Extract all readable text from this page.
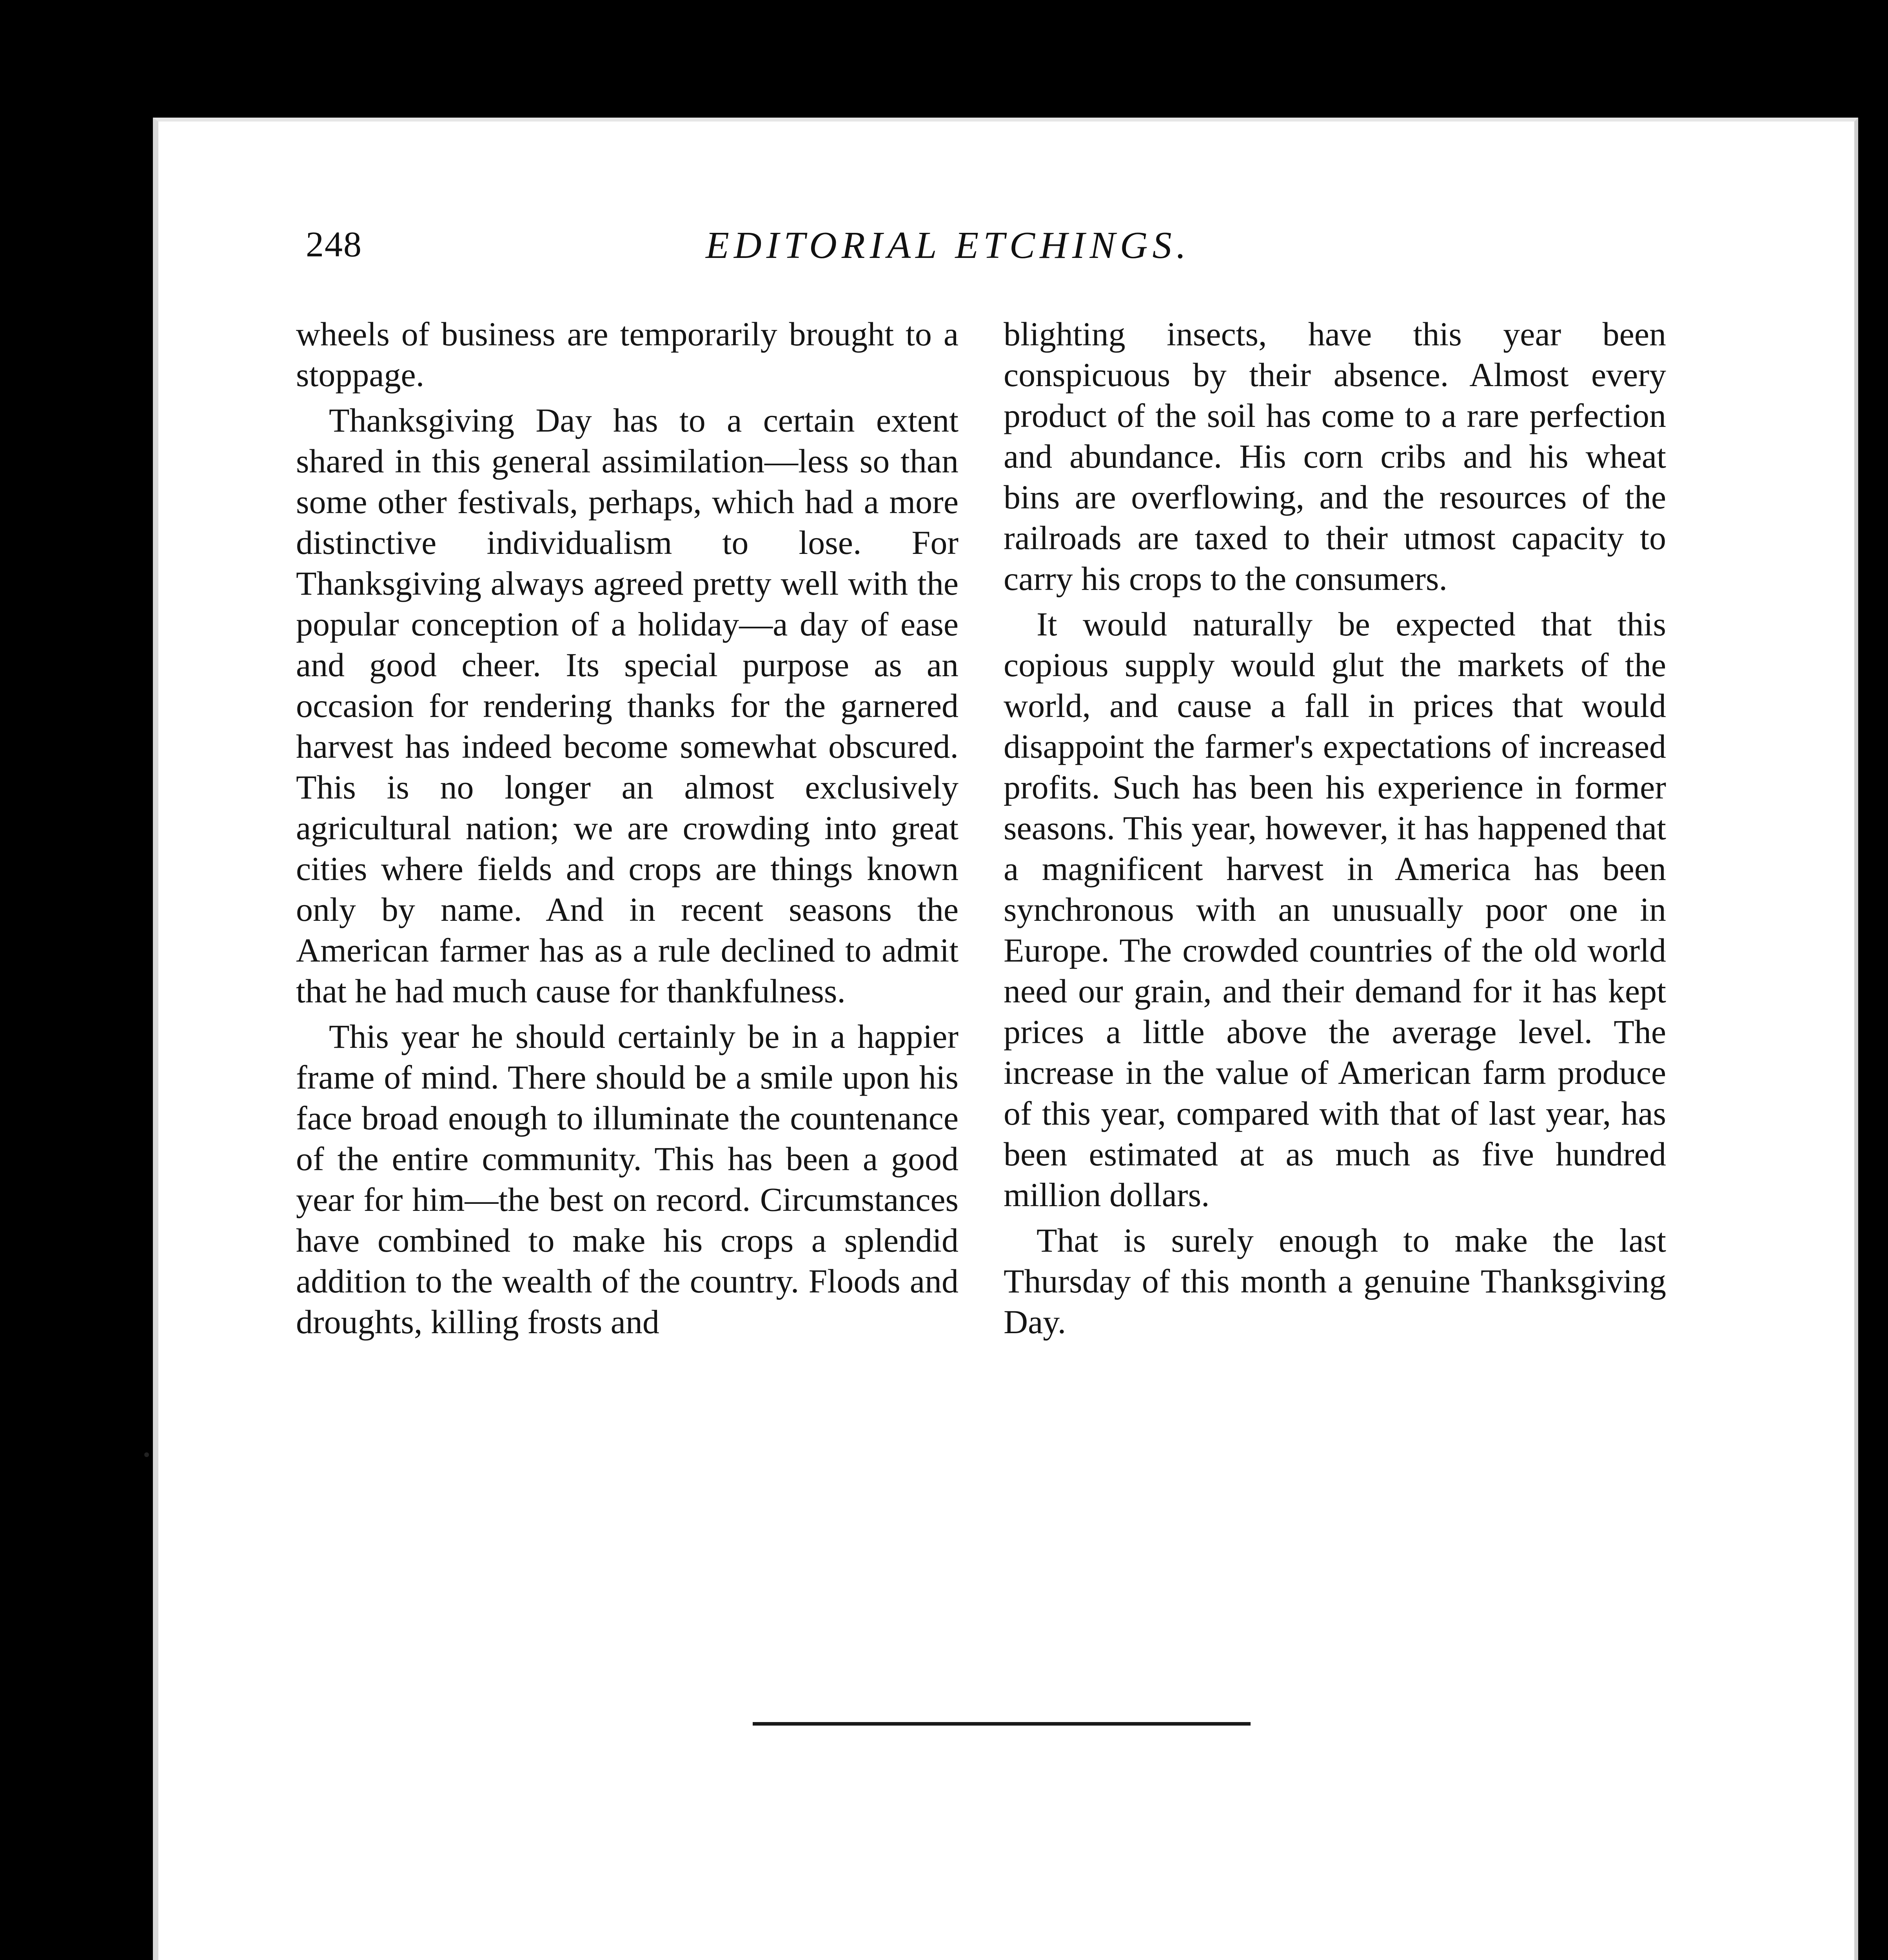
248	EDITORIAL ETCHINGS.

wheels of business are temporarily brought to a stoppage.

Thanksgiving Day has to a certain extent shared in this general assimilation—less so than some other festivals, perhaps, which had a more distinctive individualism to lose. For Thanksgiving always agreed pretty well with the popular conception of a holiday—a day of ease and good cheer. Its special purpose as an occasion for rendering thanks for the garnered harvest has indeed become somewhat obscured. This is no longer an almost exclusively agricultural nation; we are crowding into great cities where fields and crops are things known only by name. And in recent seasons the American farmer has as a rule declined to admit that he had much cause for thankfulness.

This year he should certainly be in a happier frame of mind. There should be a smile upon his face broad enough to illuminate the countenance of the entire community. This has been a good year for him—the best on record. Circumstances have combined to make his crops a splendid addition to the wealth of the country. Floods and droughts, killing frosts and

blighting insects, have this year been conspicuous by their absence. Almost every product of the soil has come to a rare perfection and abundance. His corn cribs and his wheat bins are overflowing, and the resources of the railroads are taxed to their utmost capacity to carry his crops to the consumers.

It would naturally be expected that this copious supply would glut the markets of the world, and cause a fall in prices that would disappoint the farmer's expectations of increased profits. Such has been his experience in former seasons. This year, however, it has happened that a magnificent harvest in America has been synchronous with an unusually poor one in Europe. The crowded countries of the old world need our grain, and their demand for it has kept prices a little above the average level. The increase in the value of American farm produce of this year, compared with that of last year, has been estimated at as much as five hundred million dollars.

That is surely enough to make the last Thursday of this month a genuine Thanksgiving Day.
